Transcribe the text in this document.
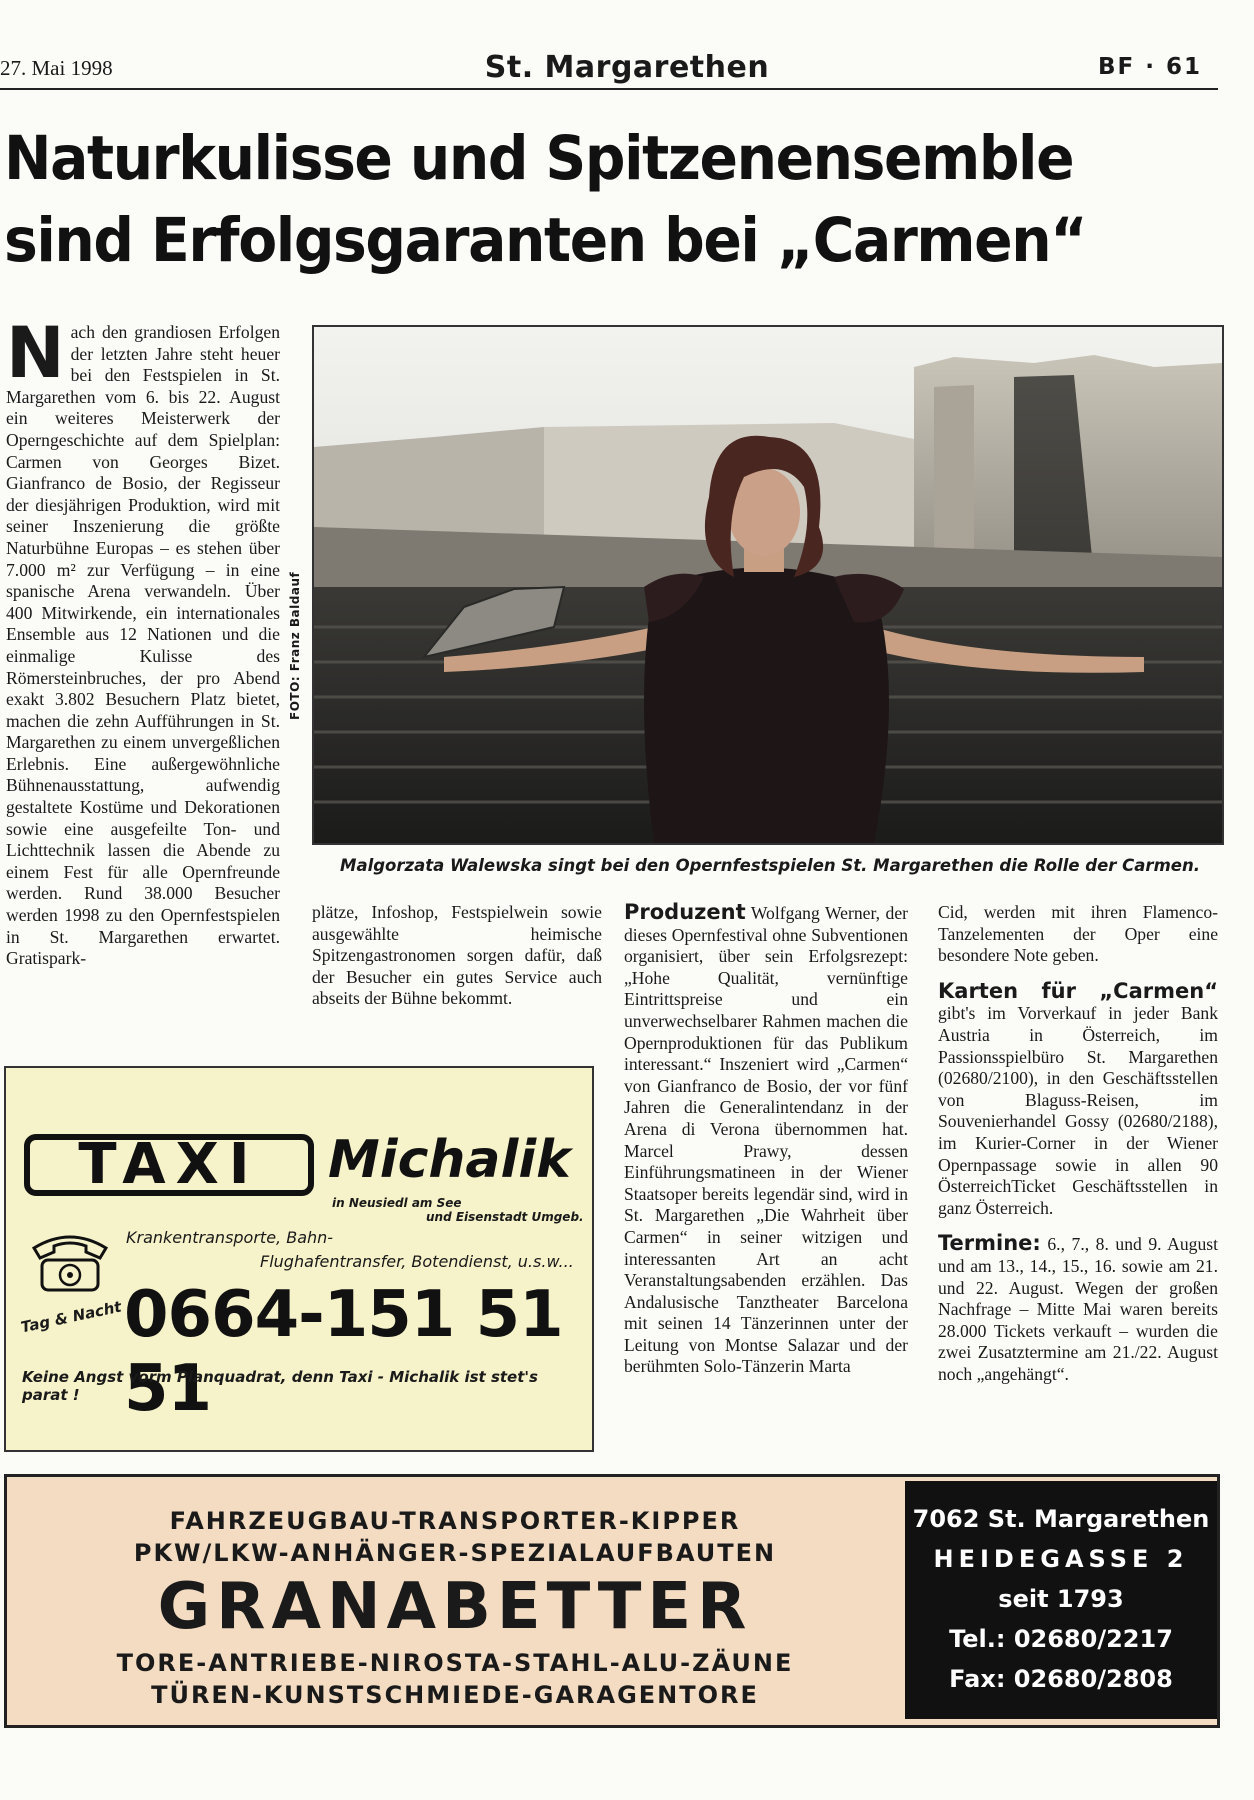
27. Mai 1998	St. Margarethen	BF · 61
Naturkulisse und Spitzenensemble
sind Erfolgsgaranten bei „Carmen“
N ach den grandiosen Erfolgen der letzten Jahre steht heuer bei den Festspielen in St. Margarethen vom 6. bis 22. August ein weiteres Meisterwerk der Operngeschichte auf dem Spielplan: Carmen von Georges Bizet. Gianfranco de Bosio, der Regisseur der diesjährigen Produktion, wird mit seiner Inszenierung die größte Naturbühne Europas – es stehen über 7.000 m² zur Verfügung – in eine spanische Arena verwandeln. Über 400 Mitwirkende, ein internationales Ensemble aus 12 Nationen und die einmalige Kulisse des Römersteinbruches, der pro Abend exakt 3.802 Besuchern Platz bietet, machen die zehn Aufführungen in St. Margarethen zu einem unvergeßlichen Erlebnis. Eine außergewöhnliche Bühnenausstattung, aufwendig gestaltete Kostüme und Dekorationen sowie eine ausgefeilte Ton- und Lichttechnik lassen die Abende zu einem Fest für alle Opernfreunde werden. Rund 38.000 Besucher werden 1998 zu den Opernfestspielen in St. Margarethen erwartet. Gratispark-
FOTO: Franz Baldauf
Malgorzata Walewska singt bei den Opernfestspielen St. Margarethen die Rolle der Carmen.
plätze, Infoshop, Festspielwein sowie ausgewählte heimische Spitzengastronomen sorgen dafür, daß der Besucher ein gutes Service auch abseits der Bühne bekommt.
Produzent Wolfgang Werner, der dieses Opernfestival ohne Subventionen organisiert, über sein Erfolgsrezept: „Hohe Qualität, vernünftige Eintrittspreise und ein unverwechselbarer Rahmen machen die Opernproduktionen für das Publikum interessant.“ Inszeniert wird „Carmen“ von Gianfranco de Bosio, der vor fünf Jahren die Generalintendanz in der Arena di Verona übernommen hat. Marcel Prawy, dessen Einführungsmatineen in der Wiener Staatsoper bereits legendär sind, wird in St. Margarethen „Die Wahrheit über Carmen“ in seiner witzigen und interessanten Art an acht Veranstaltungsabenden erzählen. Das Andalusische Tanztheater Barcelona mit seinen 14 Tänzerinnen unter der Leitung von Montse Salazar und der berühmten Solo-Tänzerin Marta

Cid, werden mit ihren Flamenco-Tanzelementen der Oper eine besondere Note geben.

Karten für „Carmen“ gibt's im Vorverkauf in jeder Bank Austria in Österreich, im Passionsspielbüro St. Margarethen (02680/2100), in den Geschäftsstellen von Blaguss-Reisen, im Souvenierhandel Gossy (02680/2188), im Kurier-Corner in der Wiener Opernpassage sowie in allen 90 ÖsterreichTicket Geschäftsstellen in ganz Österreich.

Termine: 6., 7., 8. und 9. August und am 13., 14., 15., 16. sowie am 21. und 22. August. Wegen der großen Nachfrage – Mitte Mai waren bereits 28.000 Tickets verkauft – wurden die zwei Zusatztermine am 21./22. August noch „angehängt“.

TAXI	Michalik
in Neusiedl am See
und Eisenstadt Umgeb.
Krankentransporte, Bahn-
Flughafentransfer, Botendienst, u.s.w...
Tag & Nacht 0664-151 51 51
Keine Angst vorm Planquadrat, denn Taxi - Michalik ist stet's parat !
FAHRZEUGBAU-TRANSPORTER-KIPPER
PKW/LKW-ANHÄNGER-SPEZIALAUFBAUTEN
GRANABETTER
TORE-ANTRIEBE-NIROSTA-STAHL-ALU-ZÄUNE
TÜREN-KUNSTSCHMIEDE-GARAGENTORE
7062 St. Margarethen
HEIDEGASSE 2
seit 1793
Tel.: 02680/2217
Fax: 02680/2808
